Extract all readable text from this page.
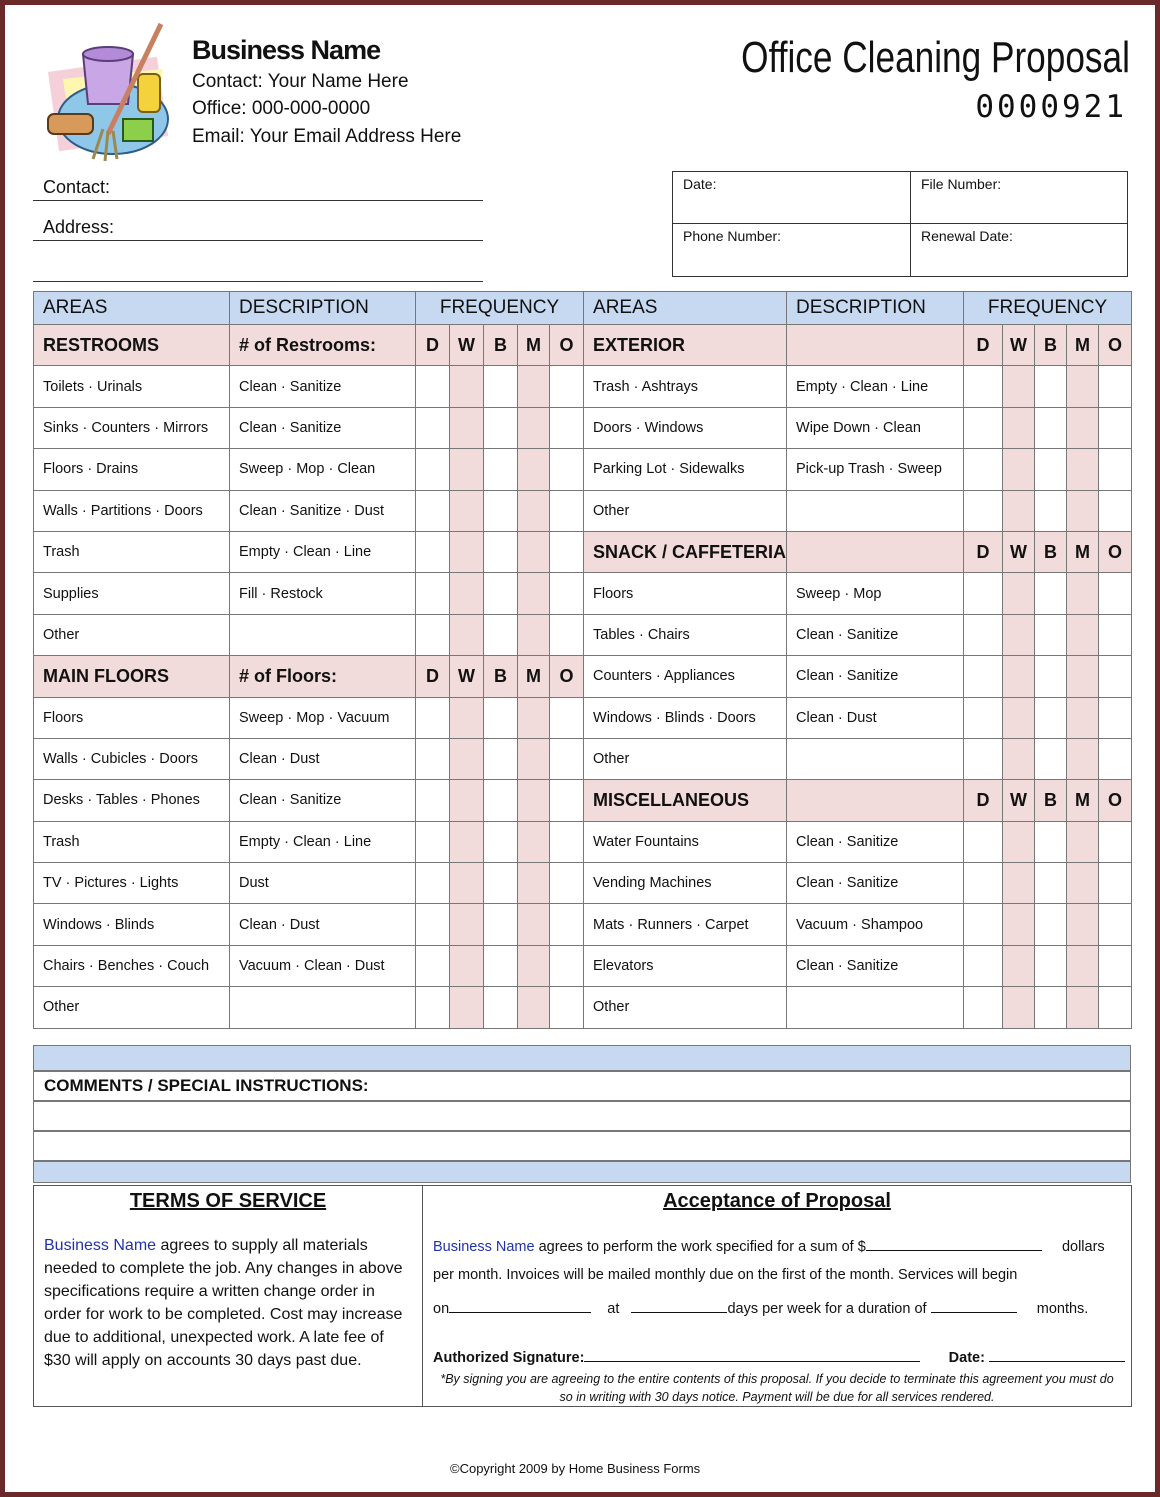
Business Name
Contact: Your Name Here
Office: 000-000-0000
Email: Your Email Address Here
Office Cleaning Proposal
0000921
Contact:
Address:
Date:	File Number:
Phone Number:	Renewal Date:
AREAS	DESCRIPTION	FREQUENCY					AREAS	DESCRIPTION	FREQUENCY				
RESTROOMS	# of Restrooms:	D	W	B	M	O	EXTERIOR		D	W	B	M	O
Toilets · Urinals	Clean · Sanitize						Trash · Ashtrays	Empty · Clean · Line					
Sinks · Counters · Mirrors	Clean · Sanitize						Doors · Windows	Wipe Down · Clean					
Floors · Drains	Sweep · Mop · Clean						Parking Lot · Sidewalks	Pick-up Trash · Sweep					
Walls · Partitions · Doors	Clean · Sanitize · Dust						Other						
Trash	Empty · Clean · Line						SNACK / CAFFETERIA		D	W	B	M	O
Supplies	Fill · Restock						Floors	Sweep · Mop					
Other							Tables · Chairs	Clean · Sanitize					
MAIN FLOORS	# of Floors:	D	W	B	M	O	Counters · Appliances	Clean · Sanitize					
Floors	Sweep · Mop · Vacuum						Windows · Blinds · Doors	Clean · Dust					
Walls · Cubicles · Doors	Clean · Dust						Other						
Desks · Tables · Phones	Clean · Sanitize						MISCELLANEOUS		D	W	B	M	O
Trash	Empty · Clean · Line						Water Fountains	Clean · Sanitize					
TV · Pictures · Lights	Dust						Vending Machines	Clean · Sanitize					
Windows · Blinds	Clean · Dust						Mats · Runners · Carpet	Vacuum · Shampoo					
Chairs · Benches · Couch	Vacuum · Clean · Dust						Elevators	Clean · Sanitize					
Other							Other						
COMMENTS / SPECIAL INSTRUCTIONS:
TERMS OF SERVICE

Business Name agrees to supply all materials needed to complete the job. Any changes in above specifications require a written change order in order for work to be completed. Cost may increase due to additional, unexpected work. A late fee of $30 will apply on accounts 30 days past due.

Acceptance of Proposal
Business Name agrees to perform the work specified for a sum of $	dollars
per month. Invoices will be mailed monthly due on the first of the month. Services will begin
on	at	days per week for a duration of	months.
Authorized Signature:	Date:
*By signing you are agreeing to the entire contents of this proposal. If you decide to terminate this agreement you must do so in writing with 30 days notice. Payment will be due for all services rendered.
©Copyright 2009 by Home Business Forms
